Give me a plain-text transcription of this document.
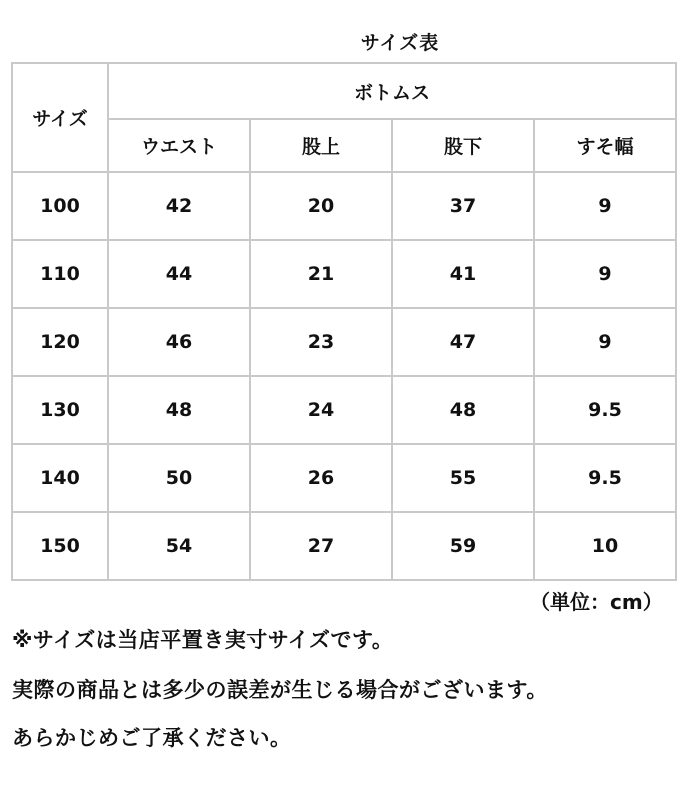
サイズ表
サイズ	ボトムス			
	ウエスト	股上	股下	すそ幅
100	42	20	37	9
110	44	21	41	9
120	46	23	47	9
130	48	24	48	9.5
140	50	26	55	9.5
150	54	27	59	10
（単位：cm）
※サイズは当店平置き実寸サイズです。
実際の商品とは多少の誤差が生じる場合がございます。
あらかじめご了承ください。
